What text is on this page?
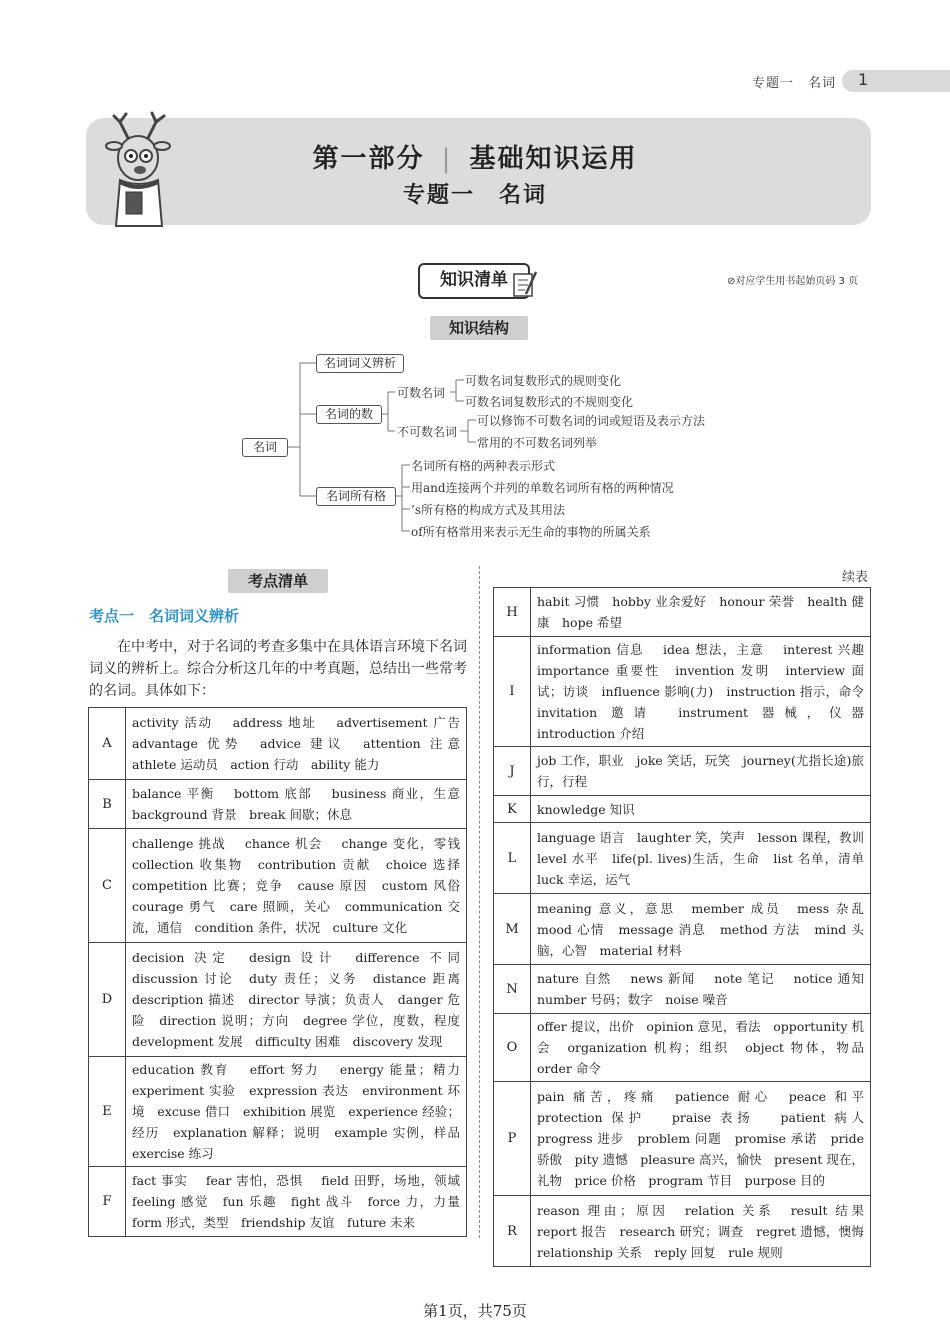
专题一　 名词 1
第一部分 | 基础知识运用
专题一　 名词
知识清单	⊘对应学生用书起始页码 3 页
知识结构
名词
名词词义辨析
名词的数
名词所有格
可数名词
不可数名词
可数名词复数形式的规则变化
可数名词复数形式的不规则变化
可以修饰不可数名词的词或短语及表示方法
常用的不可数名词列举
名词所有格的两种表示形式
用and连接两个并列的单数名词所有格的两种情况
’s所有格的构成方式及其用法
of所有格常用来表示无生命的事物的所属关系
考点清单
考点一　名词词义辨析
在中考中，对于名词的考查多集中在具体语言环境下名词词义的辨析上。综合分析这几年的中考真题，总结出一些常考的名词。具体如下：
续表
A	activity 活动　 address 地址　 advertisement 广告　advantage 优势　advice 建议　attention 注意　athlete 运动员　action 行动　ability 能力
B	balance 平衡　 bottom 底部　 business 商业，生意　background 背景　break 间歇；休息
C	challenge 挑战　 chance 机会　 change 变化，零钱　collection 收集物　contribution 贡献　choice 选择　competition 比赛；竞争　cause 原因　custom 风俗　courage 勇气　care 照顾，关心　communication 交流，通信　condition 条件，状况　culture 文化
D	decision 决定　design 设计　difference 不同　discussion 讨论　duty 责任；义务　distance 距离　description 描述　director 导演；负责人　danger 危险　direction 说明；方向　degree 学位，度数，程度　development 发展　difficulty 困难　discovery 发现
E	education 教育　 effort 努力　 energy 能量；精力　experiment 实验　expression 表达　environment 环境　excuse 借口　exhibition 展览　experience 经验；经历　explanation 解释；说明　example 实例，样品　exercise 练习
F	fact 事实　 fear 害怕，恐惧　 field 田野，场地，领域　feeling 感觉　fun 乐趣　fight 战斗　force 力，力量　form 形式，类型　friendship 友谊　future 未来
H	habit 习惯　hobby 业余爱好　honour 荣誉　health 健康　hope 希望
I	information 信息　 idea 想法，主意　 interest 兴趣　importance 重要性　invention 发明　interview 面试；访谈　influence 影响(力)　instruction 指示，命令　invitation 邀请　instrument 器械，仪器　introduction 介绍
J	job 工作，职业　joke 笑话，玩笑　journey(尤指长途)旅行，行程
K	knowledge 知识
L	language 语言　laughter 笑，笑声　lesson 课程，教训　level 水平　life(pl. lives)生活，生命　list 名单，清单　luck 幸运，运气
M	meaning 意义，意思　member 成员　mess 杂乱　mood 心情　message 消息　method 方法　mind 头脑，心智　material 材料
N	nature 自然　 news 新闻　 note 笔记　 notice 通知　number 号码；数字　noise 噪音
O	offer 提议，出价　opinion 意见，看法　opportunity 机会　organization 机构；组织　object 物体，物品　order 命令
P	pain 痛苦，疼痛　patience 耐心　peace 和平　protection 保护　 praise 表扬　 patient 病人　 progress 进步　problem 问题　promise 承诺　pride 骄傲　pity 遗憾　pleasure 高兴，愉快　present 现在，礼物　price 价格　program 节目　purpose 目的
R	reason 理由；原因　relation 关系　result 结果　report 报告　research 研究；调查　regret 遗憾，懊悔　relationship 关系　reply 回复　rule 规则
第1页，共75页
